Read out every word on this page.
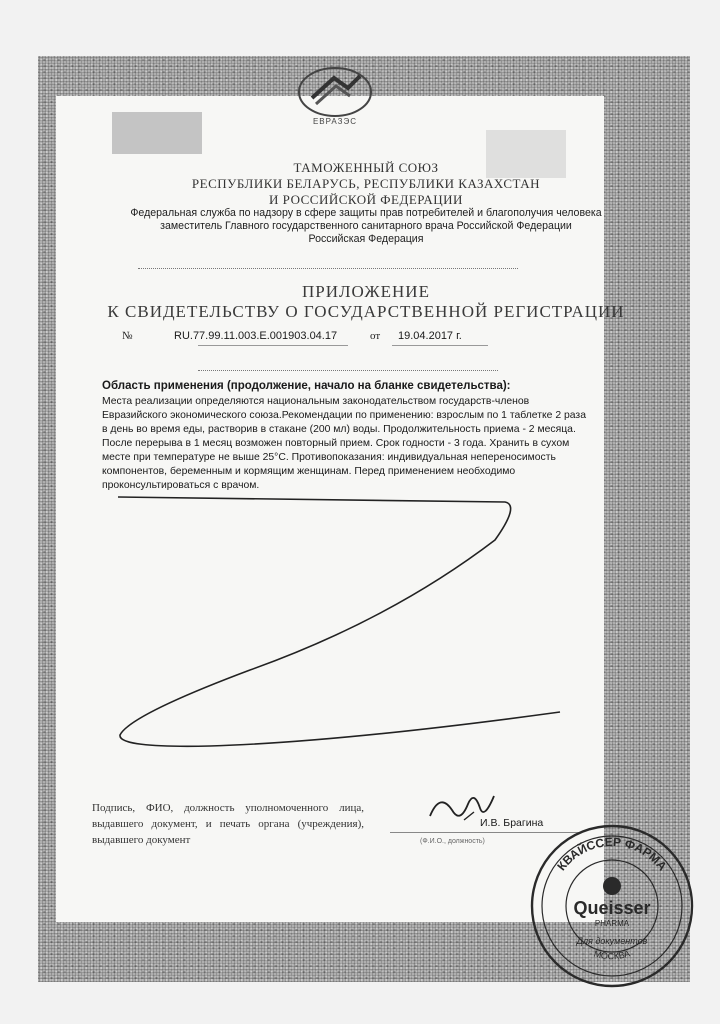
ЕВРАЗЭС
ТАМОЖЕННЫЙ СОЮЗ
РЕСПУБЛИКИ БЕЛАРУСЬ, РЕСПУБЛИКИ КАЗАХСТАН
И РОССИЙСКОЙ ФЕДЕРАЦИИ
Федеральная служба по надзору в сфере защиты прав потребителей и благополучия человека
заместитель Главного государственного санитарного врача Российской Федерации
Российская Федерация
ПРИЛОЖЕНИЕ
К СВИДЕТЕЛЬСТВУ О ГОСУДАРСТВЕННОЙ РЕГИСТРАЦИИ
№	RU.77.99.11.003.E.001903.04.17	от 19.04.2017 г.
Область применения (продолжение, начало на бланке свидетельства):
Места реализации определяются национальным законодательством государств-членов Евразийского экономического союза.Рекомендации по применению: взрослым по 1 таблетке 2 раза в день во время еды, растворив в стакане (200 мл) воды. Продолжительность приема - 2 месяца. После перерыва в 1 месяц возможен повторный прием. Срок годности - 3 года. Хранить в сухом месте при температуре не выше 25°C. Противопоказания: индивидуальная непереносимость компонентов, беременным и кормящим женщинам. Перед применением необходимо проконсультироваться с врачом.
Подпись, ФИО, должность уполномоченного лица, выдавшего документ, и печать органа (учреждения), выдавшего документ
И.В. Брагина
(Ф.И.О., должность)
КВАЙССЕР ФАРМА
МОСКВА
Queisser
PHARMA
Для документов
